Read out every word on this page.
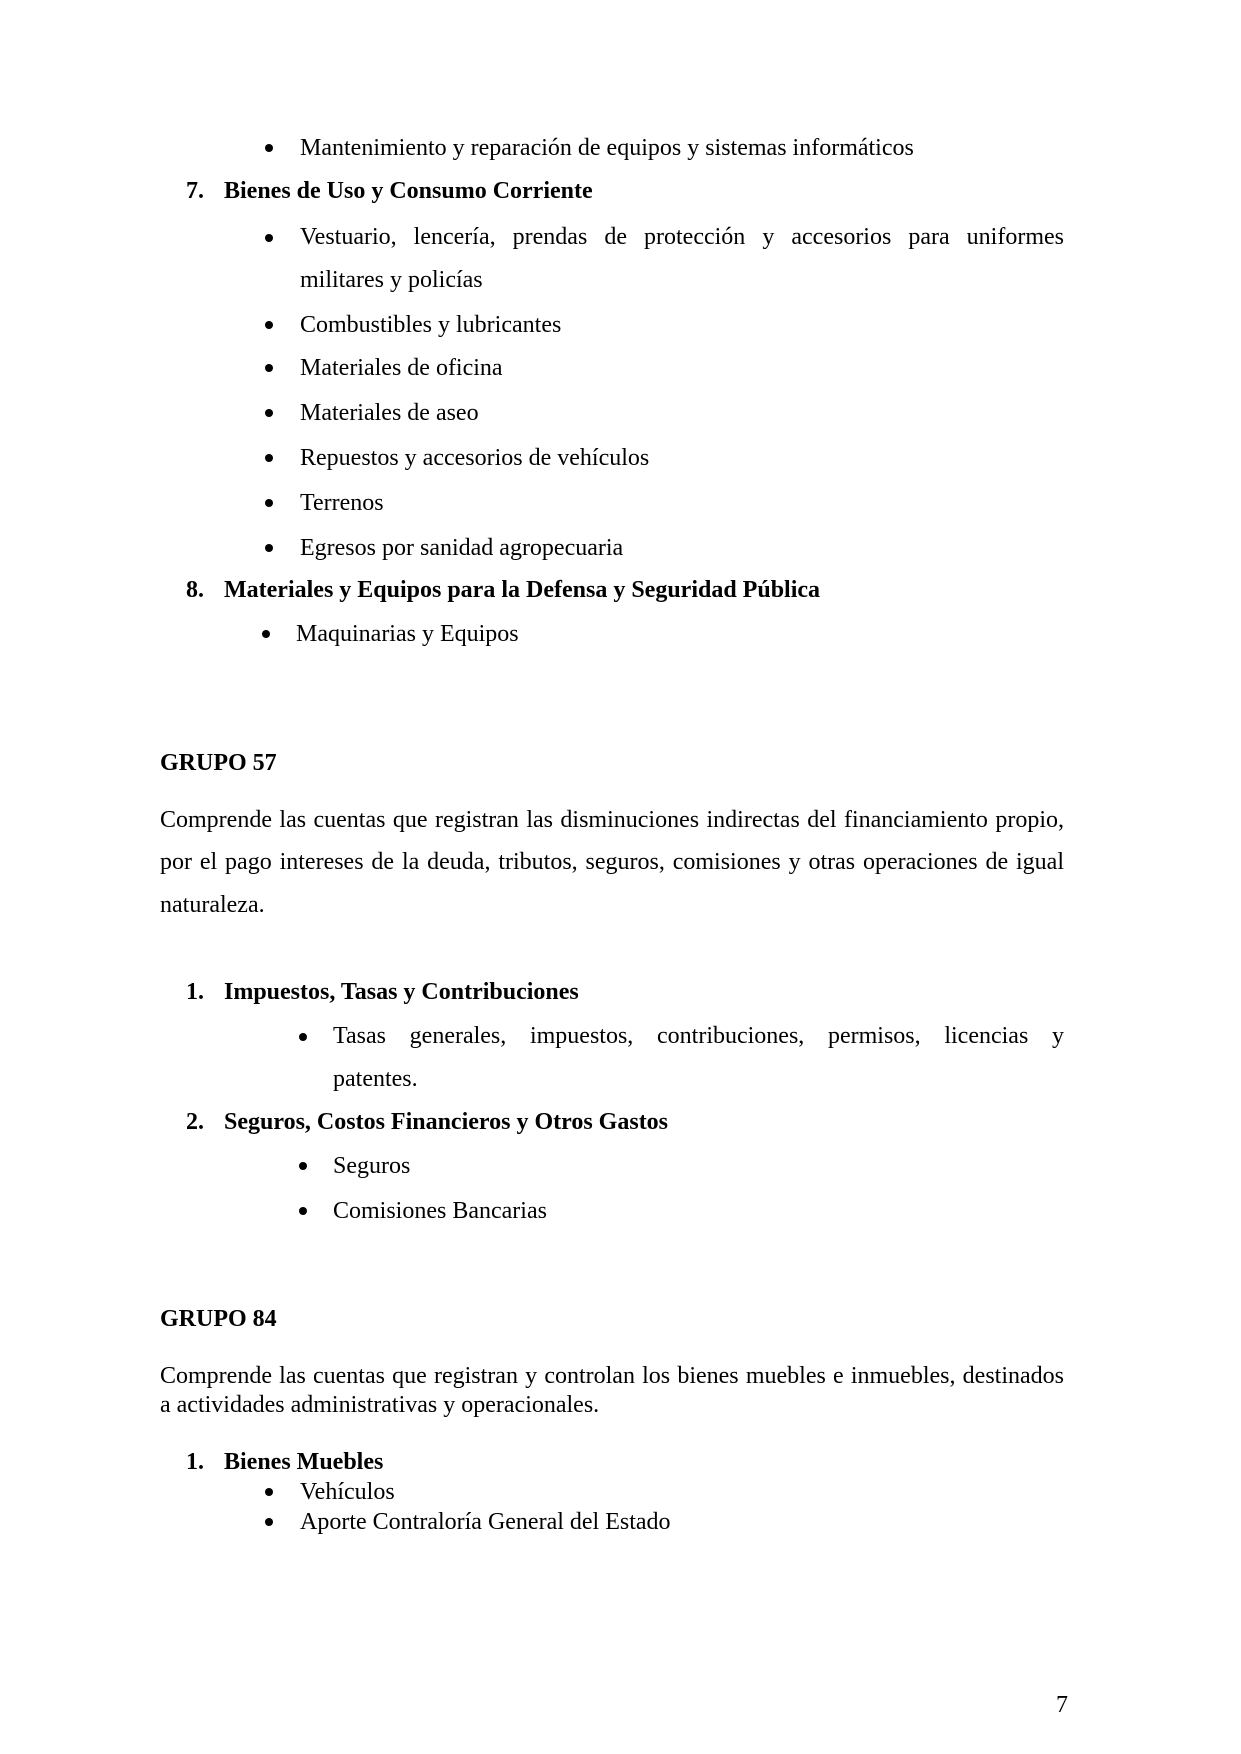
Mantenimiento y reparación de equipos y sistemas informáticos
7. Bienes de Uso y Consumo Corriente
Vestuario, lencería, prendas de protección y accesorios para uniformes
militares y policías
Combustibles y lubricantes
Materiales de oficina
Materiales de aseo
Repuestos y accesorios de vehículos
Terrenos
Egresos por sanidad agropecuaria
8. Materiales y Equipos para la Defensa y Seguridad Pública
Maquinarias y Equipos
GRUPO 57
Comprende las cuentas que registran las disminuciones indirectas del financiamiento propio,
por el pago intereses de la deuda, tributos, seguros, comisiones y otras operaciones de igual
naturaleza.
1. Impuestos, Tasas y Contribuciones
Tasas generales, impuestos, contribuciones, permisos, licencias y
patentes.
2. Seguros, Costos Financieros y Otros Gastos
Seguros
Comisiones Bancarias
GRUPO 84
Comprende las cuentas que registran y controlan los bienes muebles e inmuebles, destinados
a actividades administrativas y operacionales.
1. Bienes Muebles
Vehículos
Aporte Contraloría General del Estado
7
